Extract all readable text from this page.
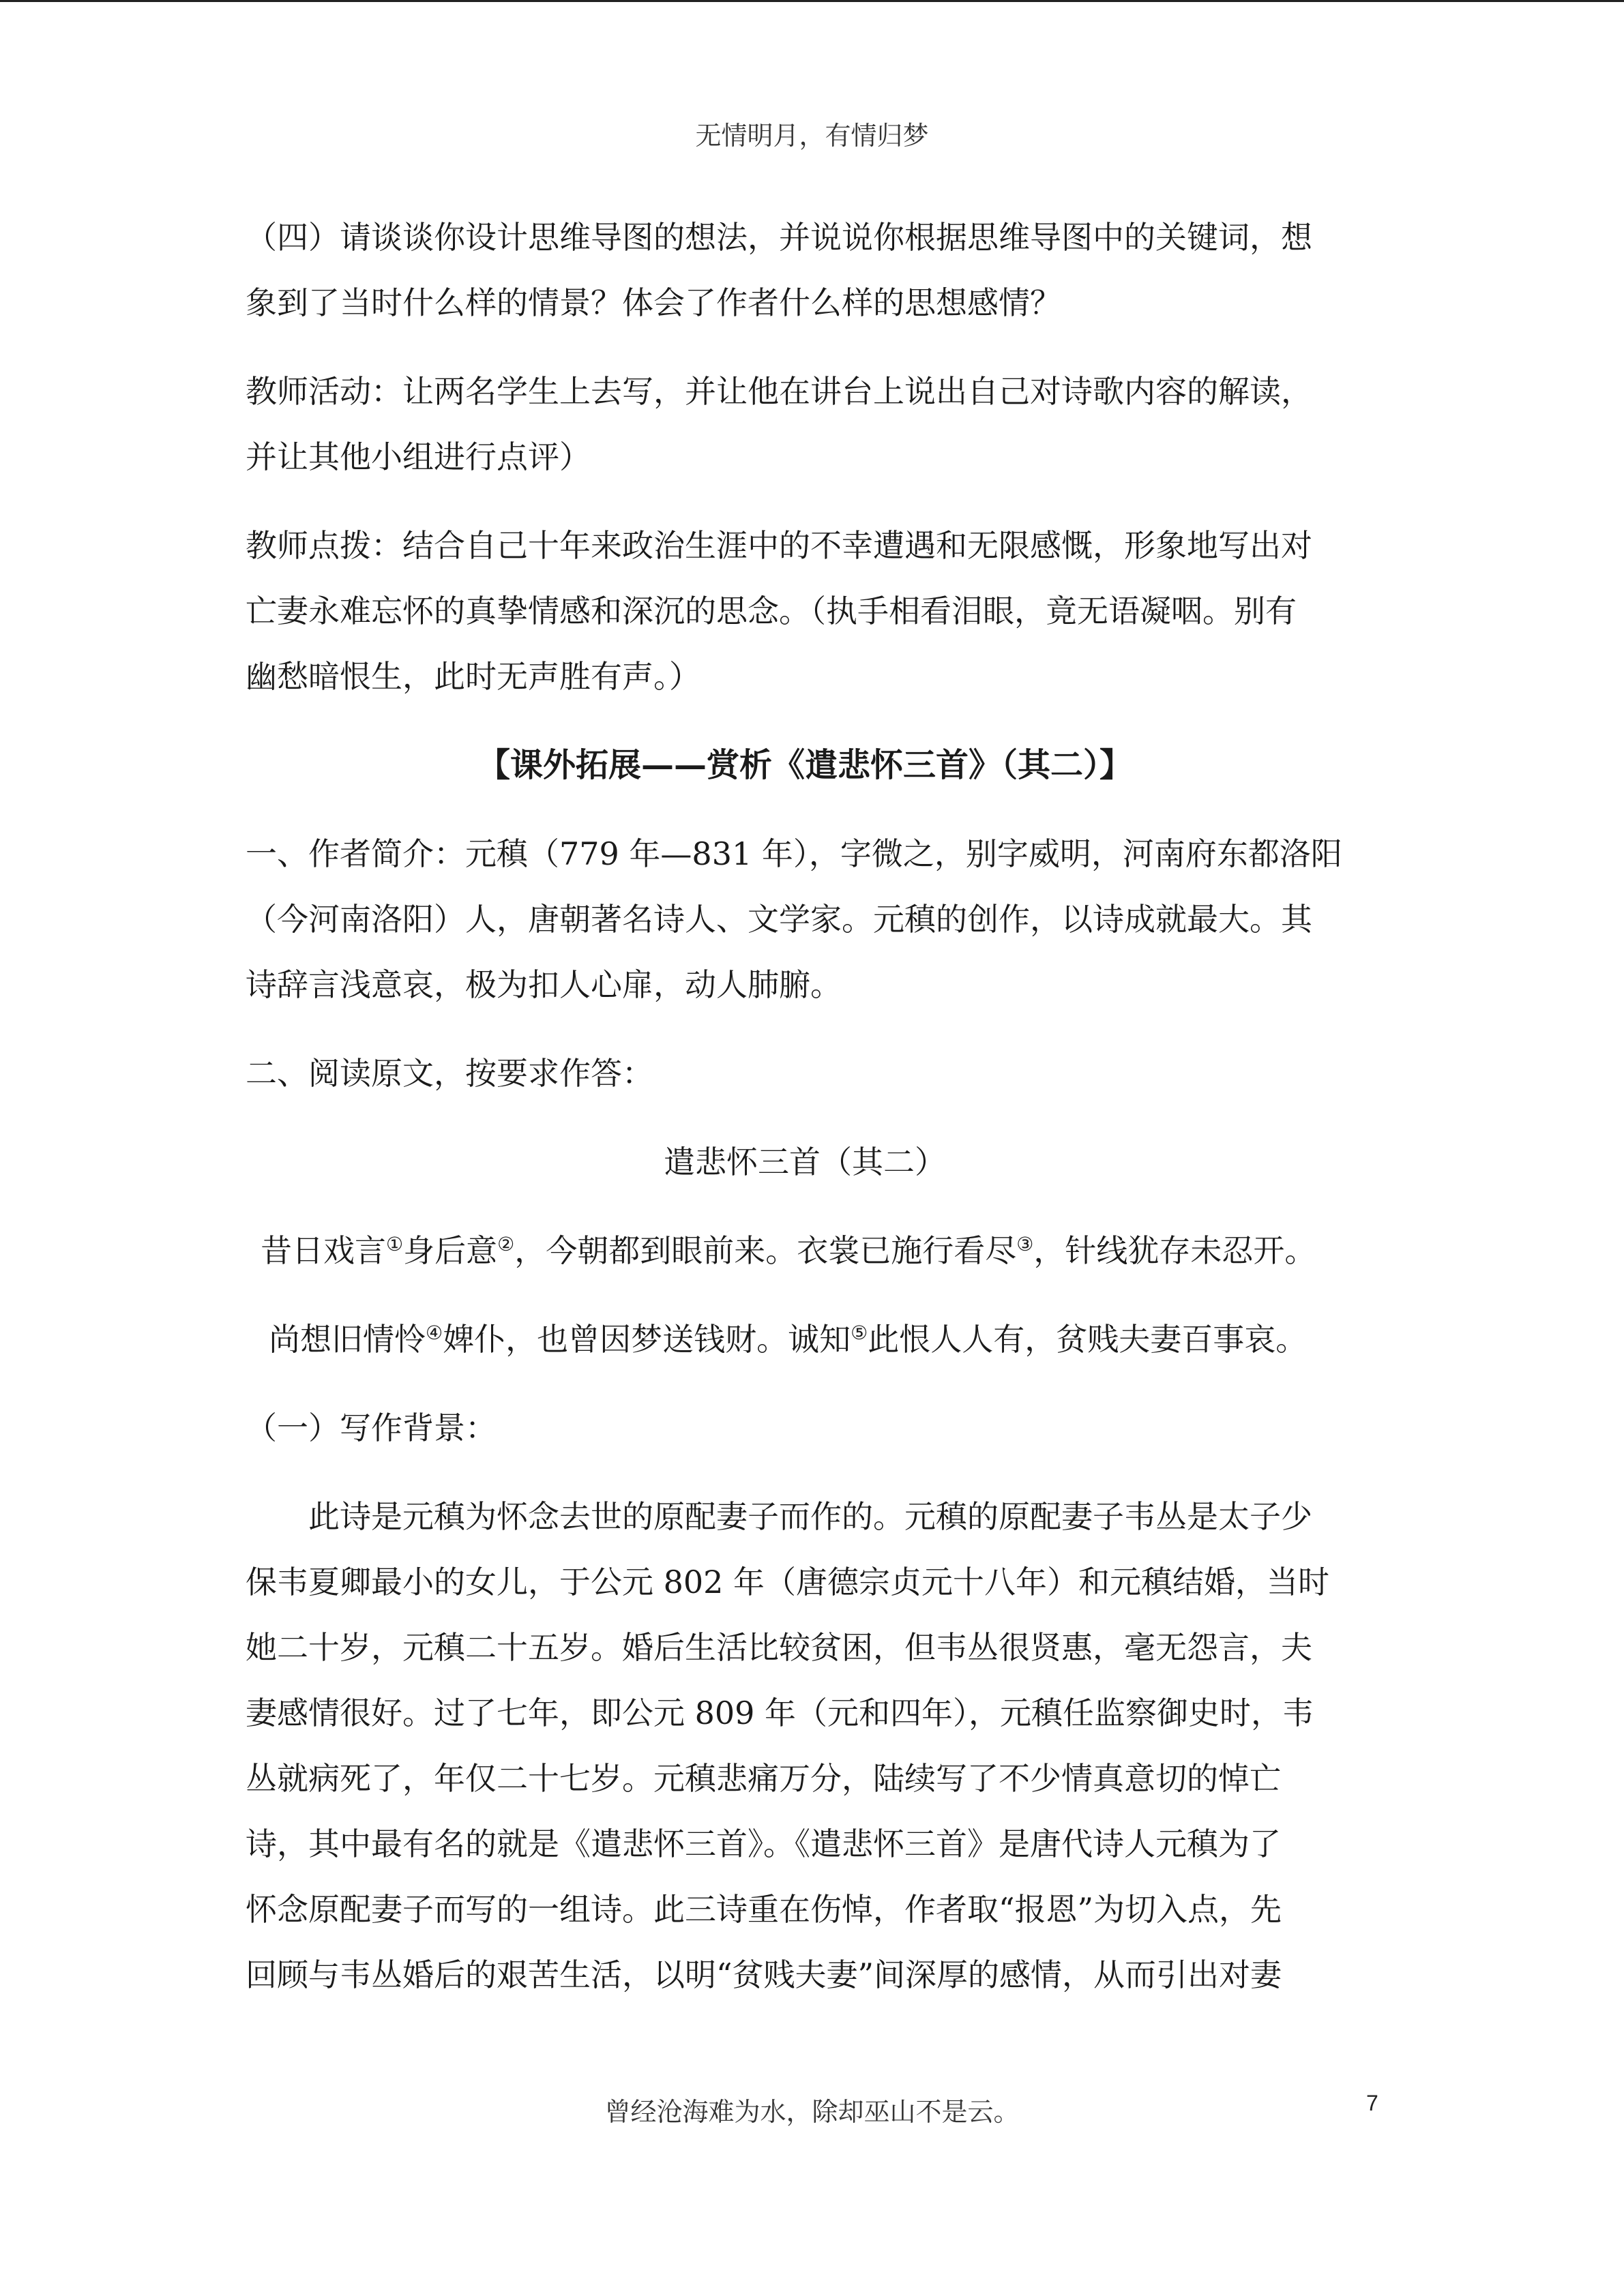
无情明月，有情归梦

（四）请谈谈你设计思维导图的想法，并说说你根据思维导图中的关键词，想
象到了当时什么样的情景？体会了作者什么样的思想感情？

教师活动：让两名学生上去写，并让他在讲台上说出自己对诗歌内容的解读，
并让其他小组进行点评）

教师点拨：结合自己十年来政治生涯中的不幸遭遇和无限感慨，形象地写出对
亡妻永难忘怀的真挚情感和深沉的思念。（执手相看泪眼，竟无语凝咽。别有
幽愁暗恨生，此时无声胜有声。）

【课外拓展——赏析《遣悲怀三首》（其二）】

一、作者简介：元稹（779 年—831 年），字微之，别字威明，河南府东都洛阳
（今河南洛阳）人，唐朝著名诗人、文学家。元稹的创作，以诗成就最大。其
诗辞言浅意哀，极为扣人心扉，动人肺腑。

二、阅读原文，按要求作答：

遣悲怀三首（其二）
昔日戏言①身后意②，今朝都到眼前来。衣裳已施行看尽③，针线犹存未忍开。
尚想旧情怜④婢仆，也曾因梦送钱财。诚知⑤此恨人人有，贫贱夫妻百事哀。

（一）写作背景：

此诗是元稹为怀念去世的原配妻子而作的。元稹的原配妻子韦丛是太子少
保韦夏卿最小的女儿，于公元 802 年（唐德宗贞元十八年）和元稹结婚，当时
她二十岁，元稹二十五岁。婚后生活比较贫困，但韦丛很贤惠，毫无怨言，夫
妻感情很好。过了七年，即公元 809 年（元和四年），元稹任监察御史时，韦
丛就病死了，年仅二十七岁。元稹悲痛万分，陆续写了不少情真意切的悼亡
诗，其中最有名的就是《遣悲怀三首》。《遣悲怀三首》是唐代诗人元稹为了
怀念原配妻子而写的一组诗。此三诗重在伤悼，作者取“报恩”为切入点，先
回顾与韦丛婚后的艰苦生活，以明“贫贱夫妻”间深厚的感情，从而引出对妻

曾经沧海难为水，除却巫山不是云。	7
